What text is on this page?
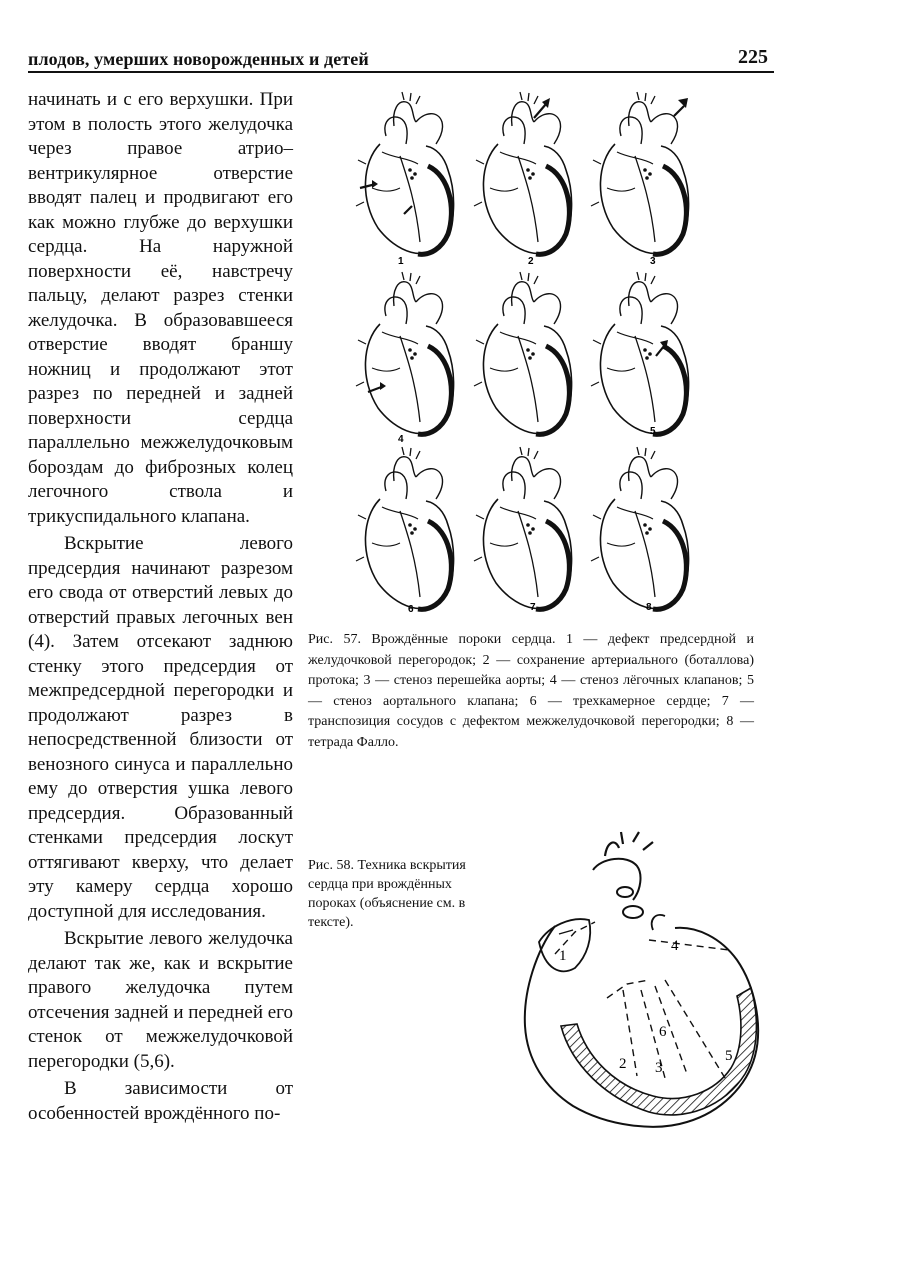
плодов, умерших новорожденных и детей	225

начинать и с его верхушки. При этом в полость этого желудочка через правое атрио–вентрикулярное отверстие вводят палец и продвигают его как можно глубже до верхушки сердца. На наружной поверхности её, навстречу пальцу, делают разрез стенки желудочка. В образовавшееся отверстие вводят браншу ножниц и продолжают этот разрез по передней и задней поверхности сердца параллельно межжелудочковым бороздам до фиброзных колец легочного ствола и трикуспидального клапана.

Вскрытие левого предсердия начинают разрезом его свода от отверстий левых до отверстий правых легочных вен (4). Затем отсекают заднюю стенку этого предсердия от межпредсердной перегородки и продолжают разрез в непосредственной близости от венозного синуса и параллельно ему до отверстия ушка левого предсердия. Образованный стенками предсердия лоскут оттягивают кверху, что делает эту камеру сердца хорошо доступной для исследования.

Вскрытие левого желудочка делают так же, как и вскрытие правого желудочка путем отсечения задней и передней его стенок от межжелудочковой перегородки (5,6).

В зависимости от особенностей врождённого по-

1	2	3
4
5
6	7	8

Рис. 57. Врождённые пороки сердца. 1 — дефект предсердной и желудочковой перегородок; 2 — сохранение артериального (боталлова) протока; 3 — стеноз перешейка аорты; 4 — стеноз лёгочных клапанов; 5 — стеноз аортального клапана; 6 — трехкамерное сердце; 7 — транспозиция сосудов с дефектом межжелудочковой перегородки; 8 — тетрада Фалло.

Рис. 58. Техника вскрытия сердца при врождённых пороках (объяснение см. в тексте).

1
2 3
4
5
6
